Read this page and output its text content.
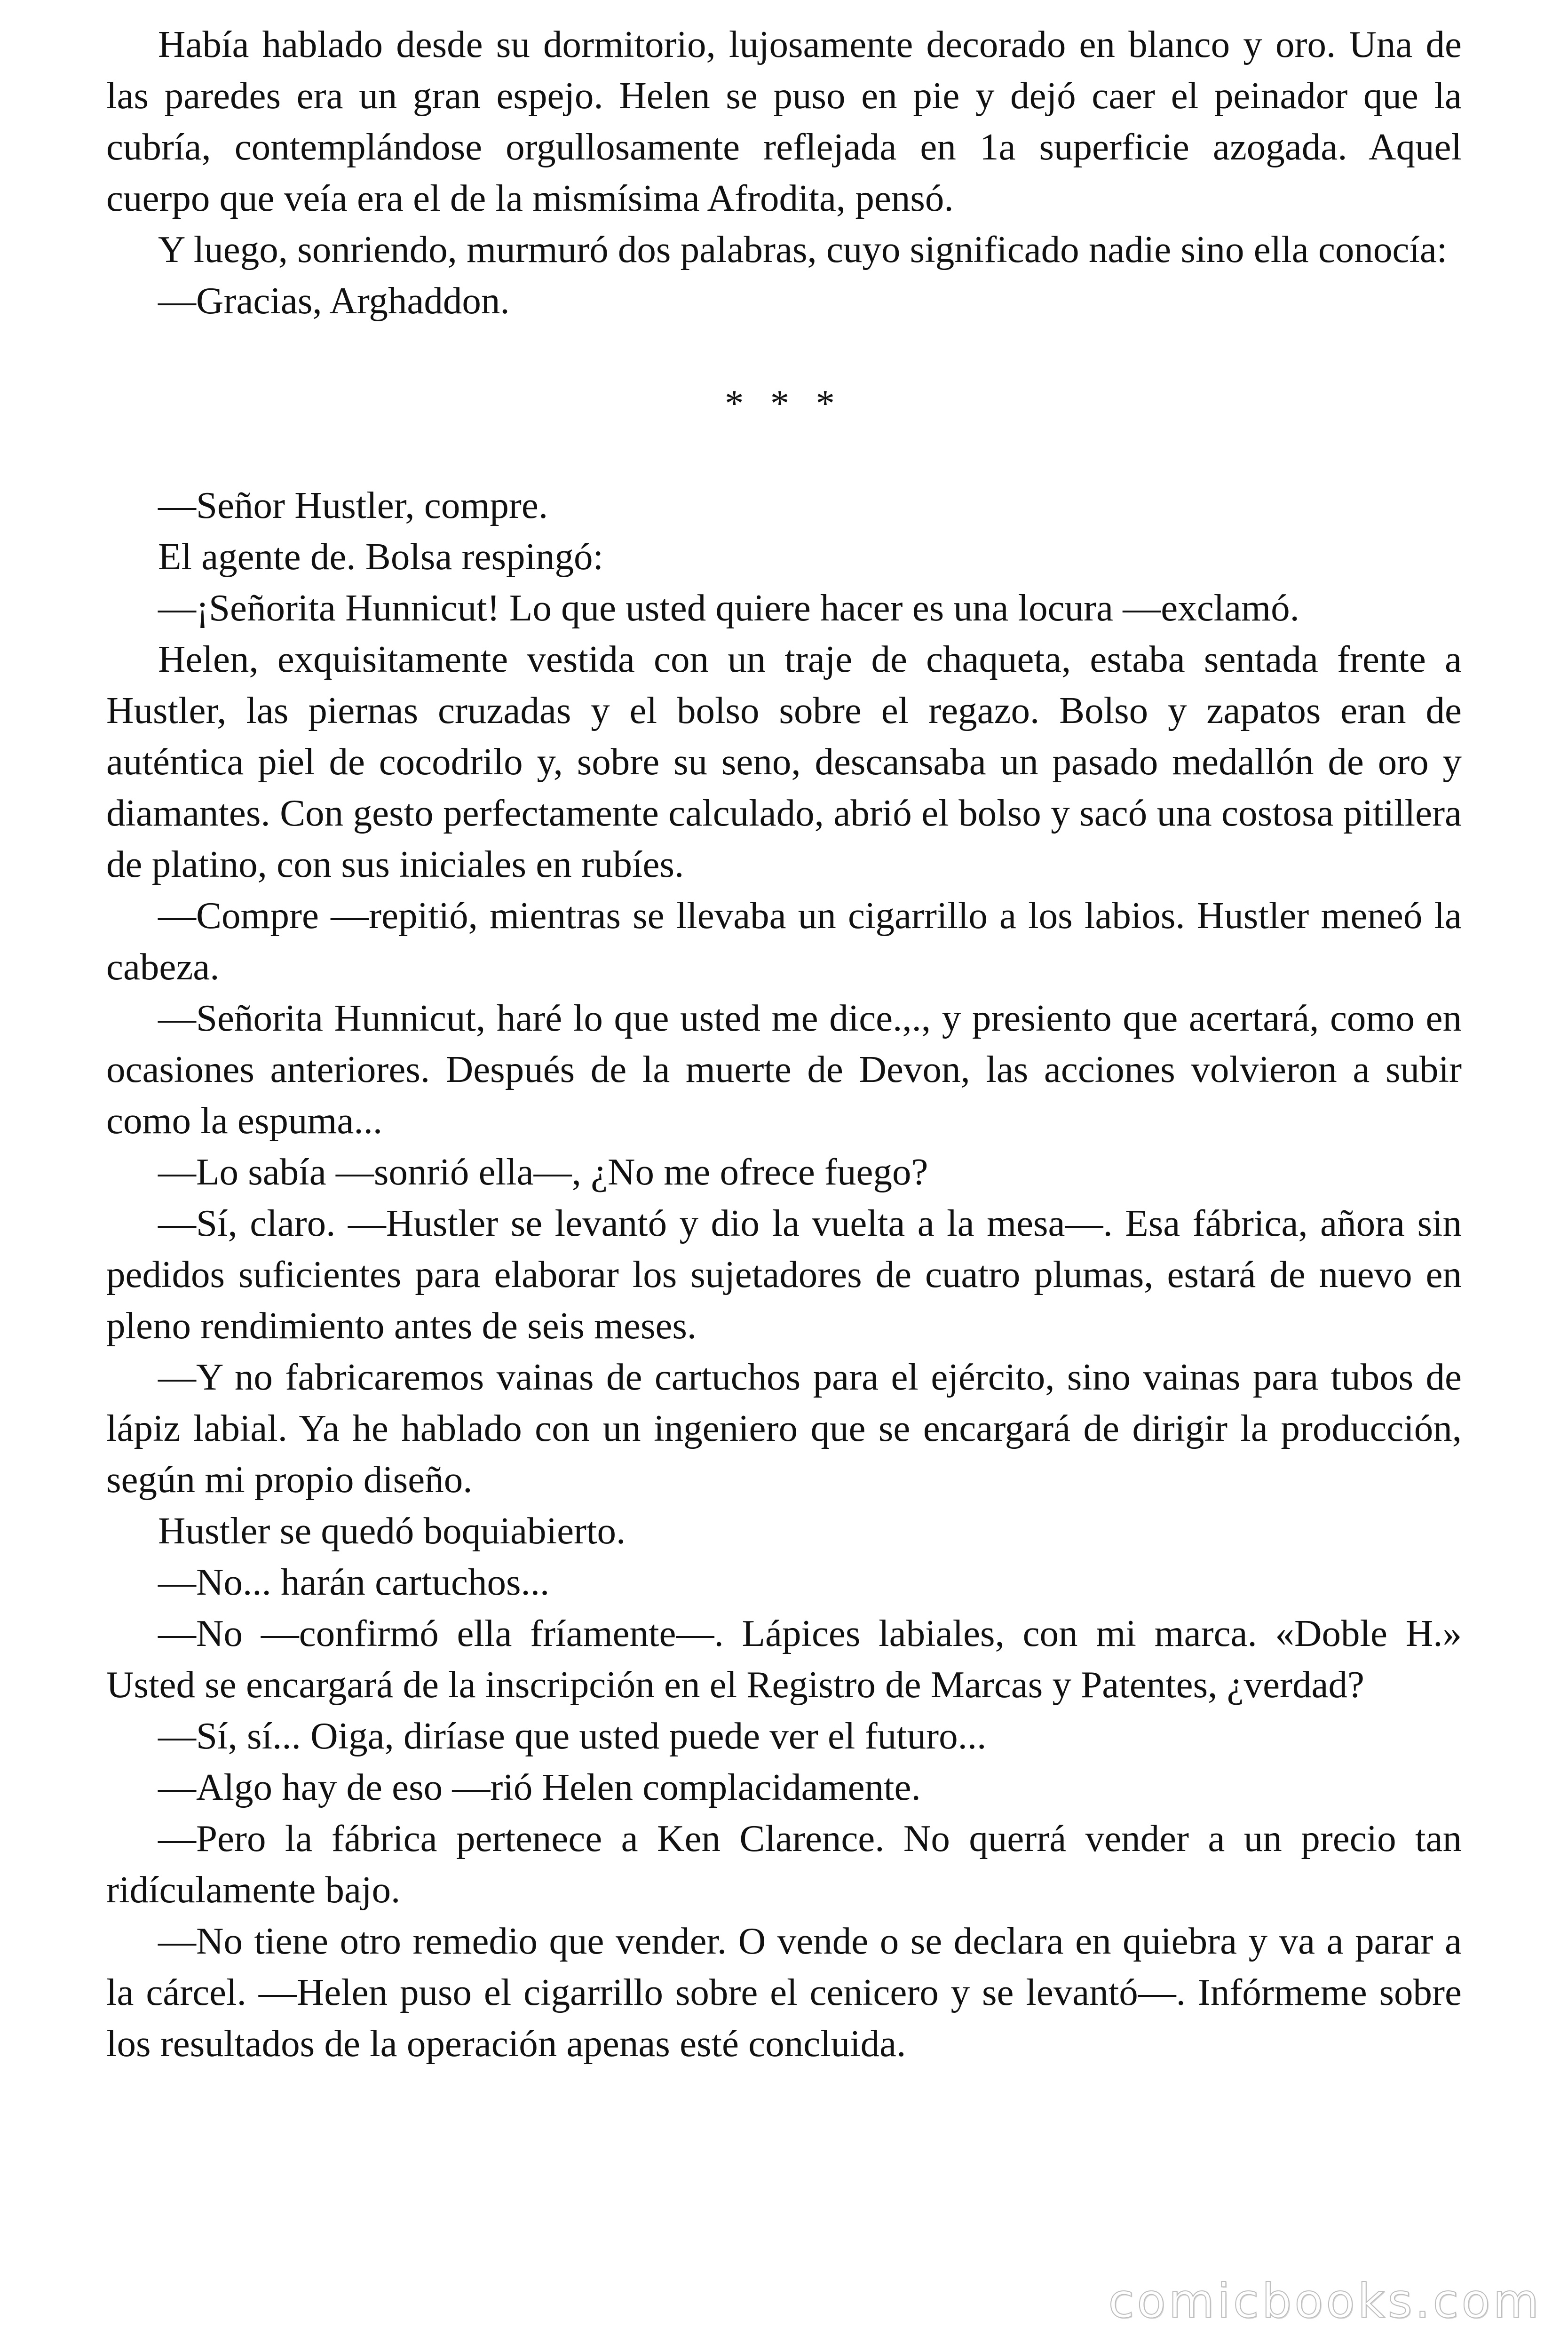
Había hablado desde su dormitorio, lujosamente decorado en blanco y oro. Una de las paredes era un gran espejo. Helen se puso en pie y dejó caer el peinador que la cubría, contemplándose orgullosamente reflejada en 1a superficie azogada. Aquel cuerpo que veía era el de la mismísima Afrodita, pensó.

Y luego, sonriendo, murmuró dos palabras, cuyo significado nadie sino ella conocía:

—Gracias, Arghaddon.

* * *

—Señor Hustler, compre.

El agente de. Bolsa respingó:

—¡Señorita Hunnicut! Lo que usted quiere hacer es una locura —exclamó.

Helen, exquisitamente vestida con un traje de chaqueta, estaba sentada frente a Hustler, las piernas cruzadas y el bolso sobre el regazo. Bolso y zapatos eran de auténtica piel de cocodrilo y, sobre su seno, descansaba un pasado medallón de oro y diamantes. Con gesto perfectamente calculado, abrió el bolso y sacó una costosa pitillera de platino, con sus iniciales en rubíes.

—Compre —repitió, mientras se llevaba un cigarrillo a los labios. Hustler meneó la cabeza.

—Señorita Hunnicut, haré lo que usted me dice.,., y presiento que acertará, como en ocasiones anteriores. Después de la muerte de Devon, las acciones volvieron a subir como la espuma...

—Lo sabía —sonrió ella—, ¿No me ofrece fuego?

—Sí, claro. —Hustler se levantó y dio la vuelta a la mesa—. Esa fábrica, añora sin pedidos suficientes para elaborar los sujetadores de cuatro plumas, estará de nuevo en pleno rendimiento antes de seis meses.

—Y no fabricaremos vainas de cartuchos para el ejército, sino vainas para tubos de lápiz labial. Ya he hablado con un ingeniero que se encargará de dirigir la producción, según mi propio diseño.

Hustler se quedó boquiabierto.

—No... harán cartuchos...

—No —confirmó ella fríamente—. Lápices labiales, con mi marca. «Doble H.» Usted se encargará de la inscripción en el Registro de Marcas y Patentes, ¿verdad?

—Sí, sí... Oiga, diríase que usted puede ver el futuro...

—Algo hay de eso —rió Helen complacidamente.

—Pero la fábrica pertenece a Ken Clarence. No querrá vender a un precio tan ridículamente bajo.

—No tiene otro remedio que vender. O vende o se declara en quiebra y va a parar a la cárcel. —Helen puso el cigarrillo sobre el cenicero y se levantó—. Infórmeme sobre los resultados de la operación apenas esté concluida.

comicbooks.com
